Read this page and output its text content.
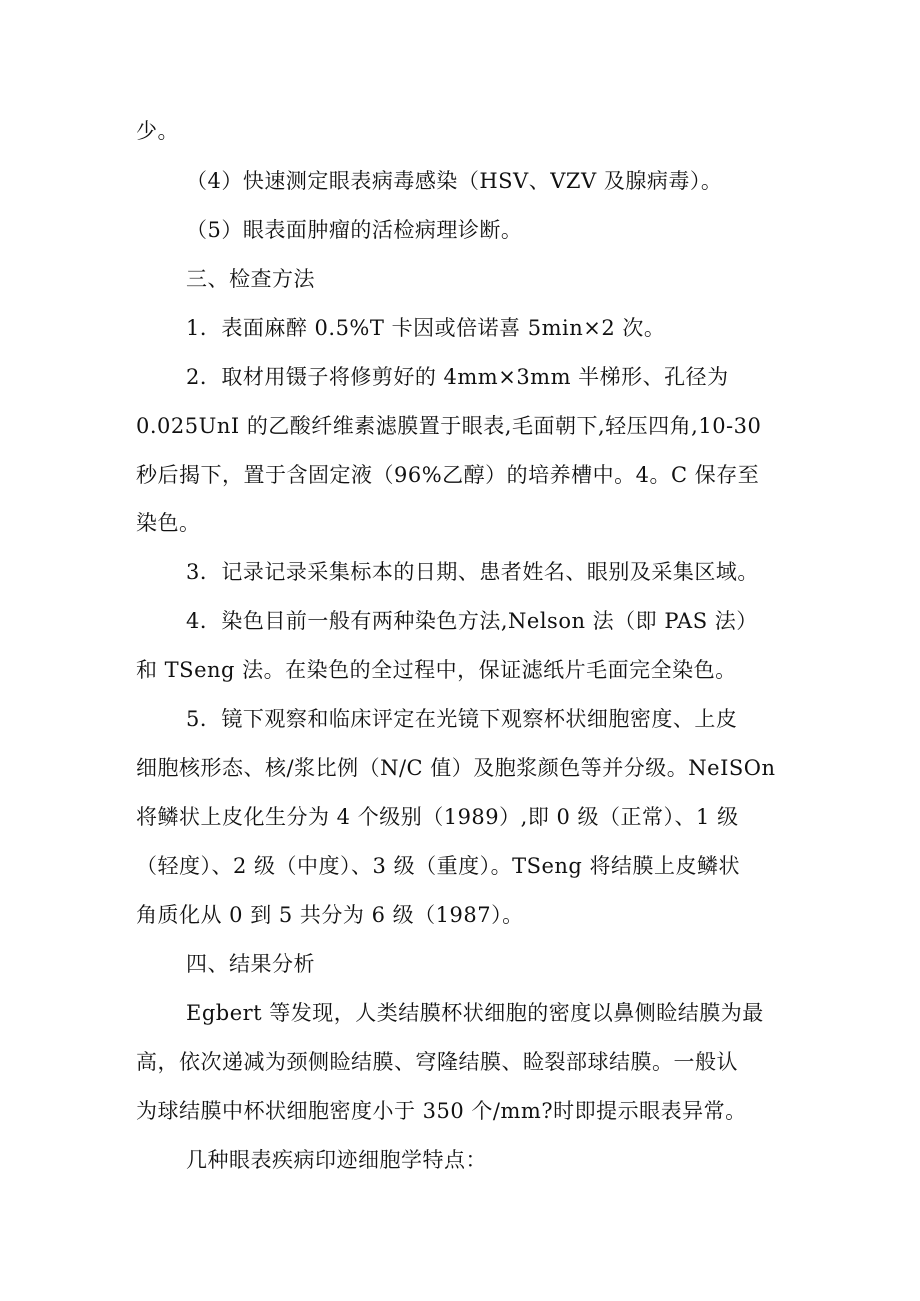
少。
（4）快速测定眼表病毒感染（HSV、VZV 及腺病毒）。
（5）眼表面肿瘤的活检病理诊断。
三、检查方法
1．表面麻醉 0.5%T 卡因或倍诺喜 5min×2 次。
2．取材用镊子将修剪好的 4mm×3mm 半梯形、孔径为
0.025UnI 的乙酸纤维素滤膜置于眼表,毛面朝下,轻压四角,10-30
秒后揭下，置于含固定液（96%乙醇）的培养槽中。4。C 保存至
染色。
3．记录记录采集标本的日期、患者姓名、眼别及采集区域。
4．染色目前一般有两种染色方法,Nelson 法（即 PAS 法）
和 TSeng 法。在染色的全过程中，保证滤纸片毛面完全染色。
5．镜下观察和临床评定在光镜下观察杯状细胞密度、上皮
细胞核形态、核/浆比例（N/C 值）及胞浆颜色等并分级。NeISOn
将鳞状上皮化生分为 4 个级别（1989）,即 0 级（正常）、1 级
（轻度）、2 级（中度）、3 级（重度）。TSeng 将结膜上皮鳞状
角质化从 0 到 5 共分为 6 级（1987）。
四、结果分析
Egbert 等发现，人类结膜杯状细胞的密度以鼻侧睑结膜为最
高，依次递减为颈侧睑结膜、穹隆结膜、睑裂部球结膜。一般认
为球结膜中杯状细胞密度小于 350 个/mm?时即提示眼表异常。
几种眼表疾病印迹细胞学特点：
